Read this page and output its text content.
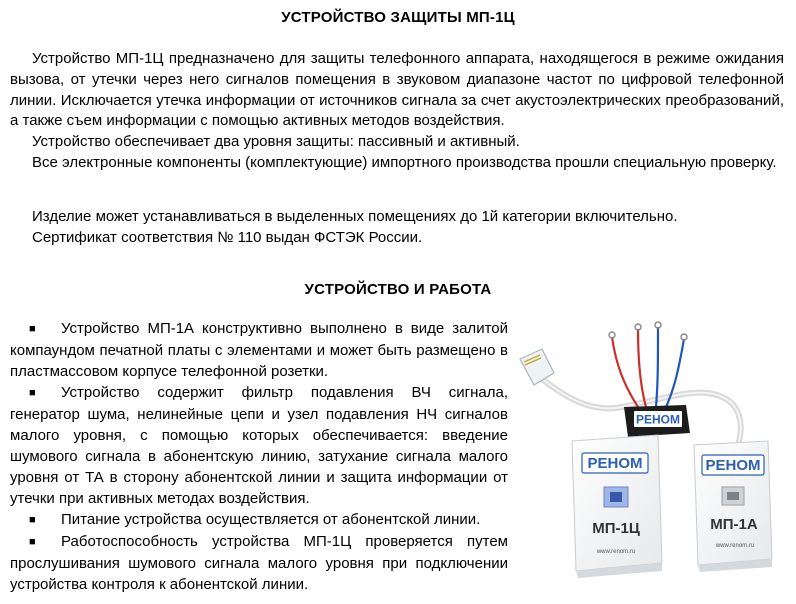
УСТРОЙСТВО ЗАЩИТЫ МП-1Ц

Устройство МП-1Ц предназначено для защиты телефонного аппарата, находящегося в режиме ожидания вызова, от утечки через него сигналов помещения в звуковом диапазоне частот по цифровой телефонной линии. Исключается утечка информации от источников сигнала за счет акустоэлектрических преобразований, а также съем информации с помощью активных методов воздействия.

Устройство обеспечивает два уровня защиты: пассивный и активный.

Все электронные компоненты (комплектующие) импортного производства прошли специальную проверку.

Изделие может устанавливаться в выделенных помещениях до 1й категории включительно.

Сертификат соответствия № 110 выдан ФСТЭК России.

УСТРОЙСТВО И РАБОТА

■ Устройство МП-1А конструктивно выполнено в виде залитой компаундом печатной платы с элементами и может быть размещено в пластмассовом корпусе телефонной розетки.

■ Устройство содержит фильтр подавления ВЧ сигнала, генератор шума, нелинейные цепи и узел подавления НЧ сигналов малого уровня, с помощью которых обеспечивается: введение шумового сигнала в абонентскую линию, затухание сигнала малого уровня от ТА в сторону абонентской линии и защита информации от утечки при активных методах воздействия.

■ Питание устройства осуществляется от абонентской линии.

■ Работоспособность устройства МП-1Ц проверяется путем прослушивания шумового сигнала малого уровня при подключении устройства контроля к абонентской линии.

РЕНОМ
РЕНОМ
МП-1Ц
www.renom.ru
РЕНОМ
МП-1А
www.renom.ru
